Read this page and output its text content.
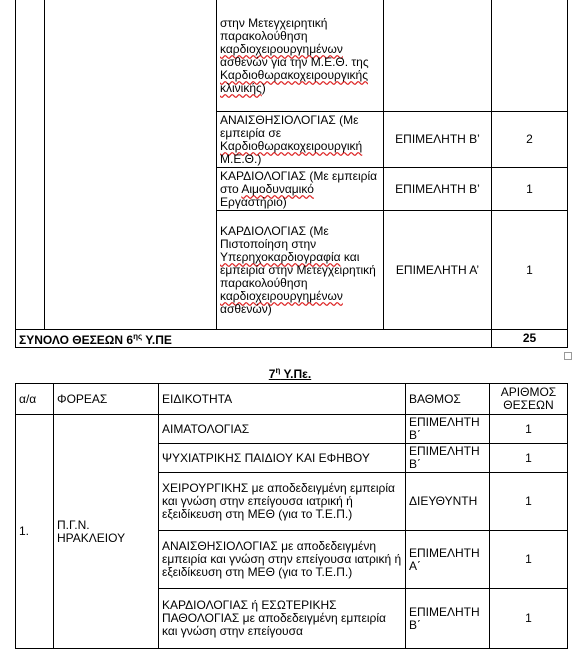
		στην Μετεγχειρητική παρακολούθηση καρδιοχειρουργημένων ασθενών για την Μ.Ε.Θ. της Καρδιοθωρακοχειρουργικής κλινικής)		
		ΑΝΑΙΣΘΗΣΙΟΛΟΓΙΑΣ (Με εμπειρία σε Καρδιοθωρακοχειρουργική Μ.Ε.Θ.)	ΕΠΙΜΕΛΗΤΗ Β’	2
		ΚΑΡΔΙΟΛΟΓΙΑΣ (Με εμπειρία στο Αιμοδυναμικό Εργαστήριο)	ΕΠΙΜΕΛΗΤΗ Β’	1
		ΚΑΡΔΙΟΛΟΓΙΑΣ (Με Πιστοποίηση στην Υπερηχοκαρδιογραφία και εμπειρία στην Μετεγχειρητική παρακολούθηση καρδιοχειρουργημένων ασθενών)	ΕΠΙΜΕΛΗΤΗ Α’	1
ΣΥΝΟΛΟ ΘΕΣΕΩΝ $6^{\eta\varsigma}$ Υ.ΠΕ				25
$7^\eta$ Υ.Πε.
α/α	ΦΟΡΕΑΣ	ΕΙΔΙΚΟΤΗΤΑ	ΒΑΘΜΟΣ	ΑΡΙΘΜΟΣ ΘΕΣΕΩΝ
1.	Π.Γ.Ν. ΗΡΑΚΛΕΙΟΥ	ΑΙΜΑΤΟΛΟΓΙΑΣ	ΕΠΙΜΕΛΗΤΗ Β΄	1
		ΨΥΧΙΑΤΡΙΚΗΣ ΠΑΙΔΙΟΥ ΚΑΙ ΕΦΗΒΟΥ	ΕΠΙΜΕΛΗΤΗ Β΄	1
		ΧΕΙΡΟΥΡΓΙΚΗΣ με αποδεδειγμένη εμπειρία και γνώση στην επείγουσα ιατρική ή εξειδίκευση στη ΜΕΘ (για το Τ.Ε.Π.)	ΔΙΕΥΘΥΝΤΗ	1
		ΑΝΑΙΣΘΗΣΙΟΛΟΓΙΑΣ με αποδεδειγμένη εμπειρία και γνώση στην επείγουσα ιατρική ή εξειδίκευση στη ΜΕΘ (για το Τ.Ε.Π.)	ΕΠΙΜΕΛΗΤΗ Α΄	1
		ΚΑΡΔΙΟΛΟΓΙΑΣ ή ΕΣΩΤΕΡΙΚΗΣ ΠΑΘΟΛΟΓΙΑΣ με αποδεδειγμένη εμπειρία και γνώση στην επείγουσα	ΕΠΙΜΕΛΗΤΗ Β΄	1
